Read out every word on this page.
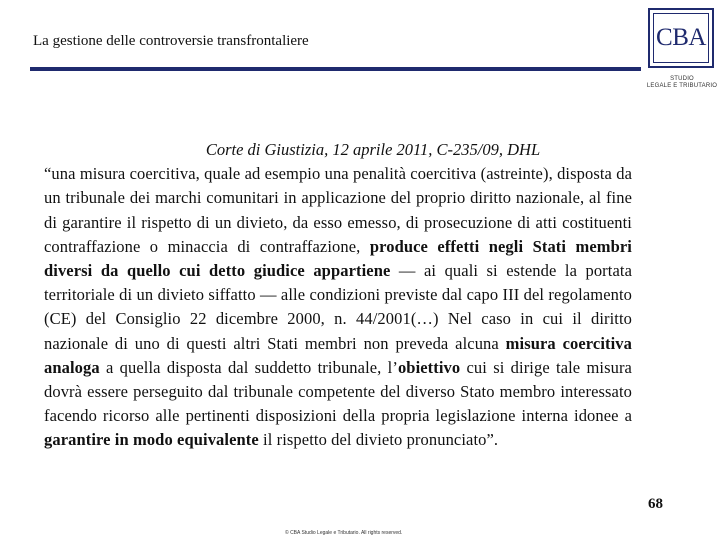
La gestione delle controversie transfrontaliere	CBA
STUDIO
LEGALE E TRIBUTARIO

Corte di Giustizia, 12 aprile 2011, C-235/09, DHL

“una misura coercitiva, quale ad esempio una penalità coercitiva (astreinte), disposta da un tribunale dei marchi comunitari in applicazione del proprio diritto nazionale, al fine di garantire il rispetto di un divieto, da esso emesso, di prosecuzione di atti costituenti contraffazione o minaccia di contraffazione, produce effetti negli Stati membri diversi da quello cui detto giudice appartiene — ai quali si estende la portata territoriale di un divieto siffatto — alle condizioni previste dal capo III del regolamento (CE) del Consiglio 22 dicembre 2000, n. 44/2001(…) Nel caso in cui il diritto nazionale di uno di questi altri Stati membri non preveda alcuna misura coercitiva analoga a quella disposta dal suddetto tribunale, l’obiettivo cui si dirige tale misura dovrà essere perseguito dal tribunale competente del diverso Stato membro interessato facendo ricorso alle pertinenti disposizioni della propria legislazione interna idonee a garantire in modo equivalente il rispetto del divieto pronunciato”.

68
© CBA Studio Legale e Tributario. All rights reserved.
